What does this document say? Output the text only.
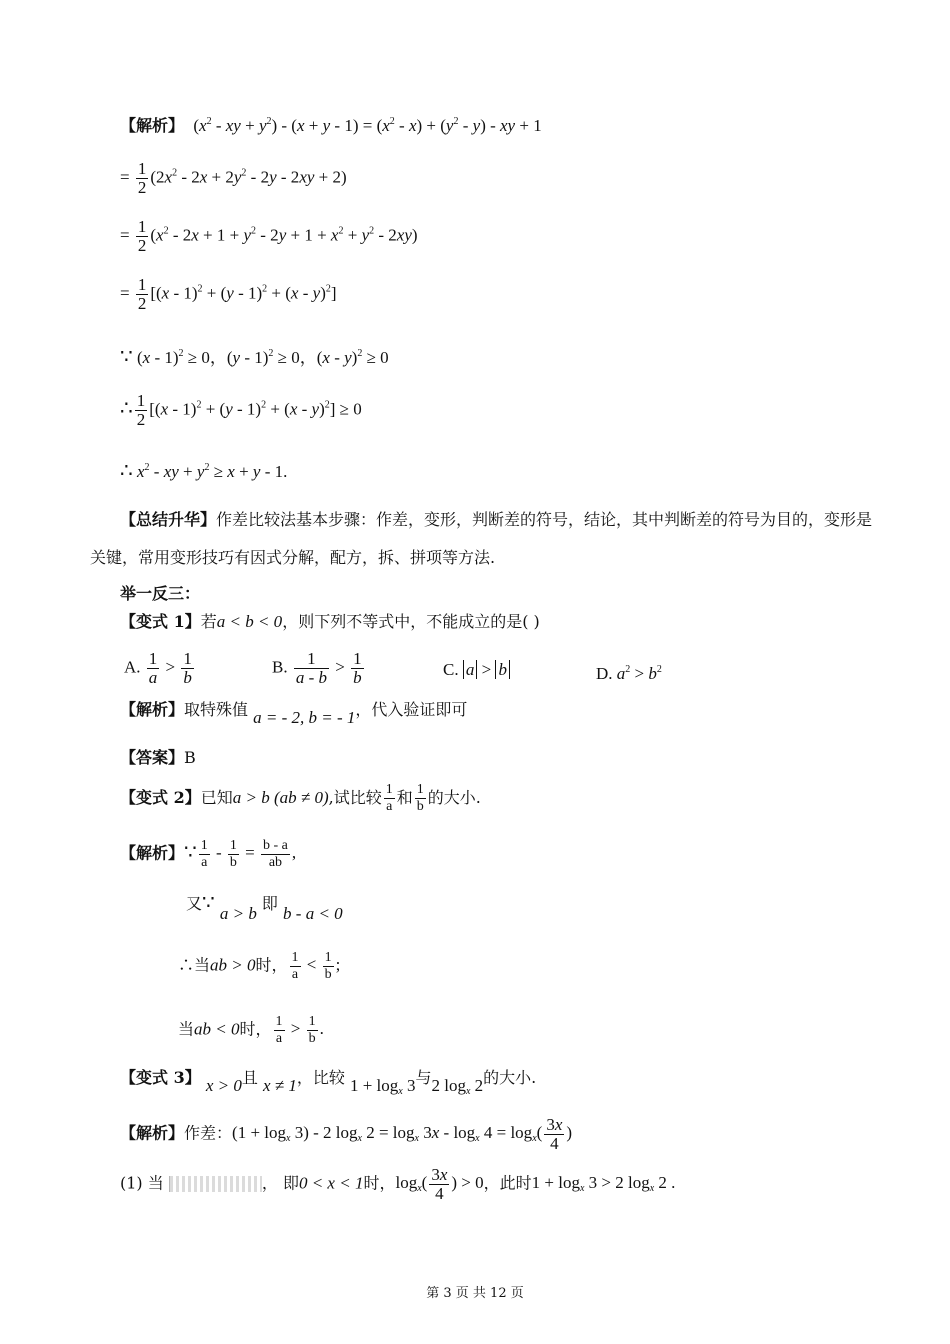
【解析】  ($x^2$ - xy + $y^2) - (x + y - 1) = (x^2 - x) + (y^2 - y)$ - xy + 1
= $\frac{1}{2} (2x^2 - 2x + 2y^2 - 2y - 2xy + 2)$
= $\frac{1}{2} (x^2 - 2x + 1 + y^2 - 2y + 1 + x^2 + y^2 - 2xy)$
= $\frac{1}{2} [(x - 1)^2 + (y - 1)^2 + (x - y)^2]$
∵ (x - 1)$^2$ ≥ 0，(y - 1)$^2$ ≥ 0，(x - y)$^2$ ≥ 0
∴ $\frac{1}{2} [(x - 1)^2 + (y - 1)^2 + (x - y)^2] \ge 0$
∴ $x^2$ - xy + $y^2 \ge x + y - 1$.
【总结升华】作差比较法基本步骤：作差，变形，判断差的符号，结论，其中判断差的符号为目的，变形是
关键，常用变形技巧有因式分解，配方，拆、拼项等方法.
举一反三：
【变式 1】若a < b < 0，则下列不等式中，不能成立的是( )
A. $\frac{1}{a} > \frac{1}{b}$	B. $\frac{1}{a - b} > \frac{1}{b}$	C. a > b	D. $a^2 > b^2$
【解析】取特殊值 a = - 2, b = - 1，代入验证即可
【答案】B
【变式 2】已知a > b (ab ≠ 0),试比较 $\frac{1}{a}$ 和 $\frac{1}{b}$ 的大小.
【解析】∵ $\frac{1}{a} - \frac{1}{b} = \frac{b - a}{ab}$ ,
又∵ a > b 即 b - a < 0
∴当ab > 0时， $\frac{1}{a} < \frac{1}{b}$ ;
当ab < 0时， $\frac{1}{a} > \frac{1}{b}$ .
【变式 3】 x > 0且 x ≠ 1，比较 $1 + \log_x 3$与2 $\log_x 2$的大小.
【解析】作差：$(1 + \log_x 3) - 2$ $\log_x 2 = \log_x 3x - \log_x 4 = \log_x( \frac{3x}{4}$ )
(1) 当	， 即0 < x < 1时，$\log_x( \frac{3x}{4}$ ) > 0，此时$1 + \log_x 3 > 2$ $\log_x 2$ .
第 3 页 共 12 页
